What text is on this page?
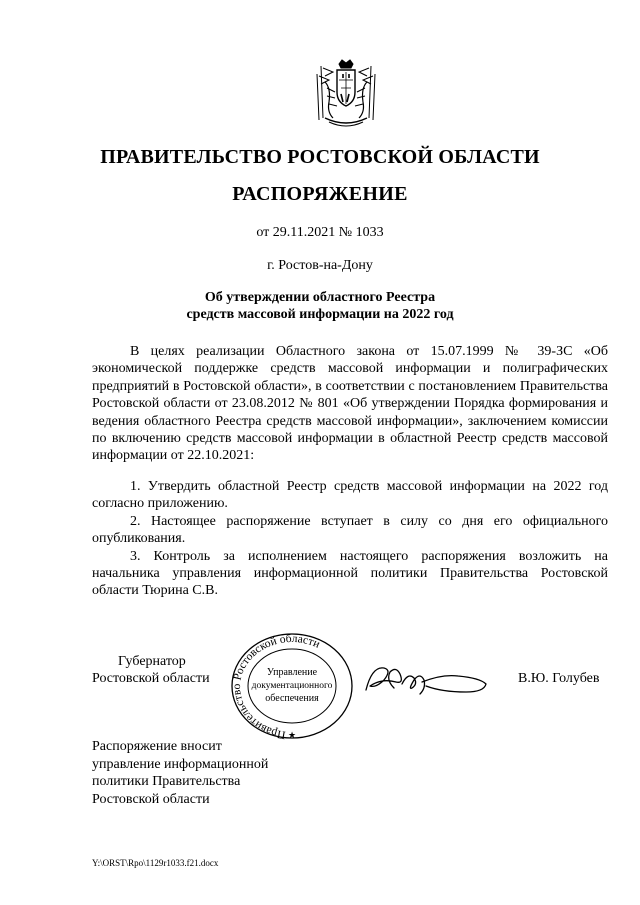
ПРАВИТЕЛЬСТВО РОСТОВСКОЙ ОБЛАСТИ
РАСПОРЯЖЕНИЕ
от 29.11.2021 № 1033
г. Ростов-на-Дону
Об утверждении областного Реестра
средств массовой информации на 2022 год
В целях реализации Областного закона от 15.07.1999 № 39-ЗС «Об экономической поддержке средств массовой информации и полиграфических предприятий в Ростовской области», в соответствии с постановлением Правительства Ростовской области от 23.08.2012 № 801 «Об утверждении Порядка формирования и ведения областного Реестра средств массовой информации», заключением комиссии по включению средств массовой информации в областной Реестр средств массовой информации от 22.10.2021:

1. Утвердить областной Реестр средств массовой информации на 2022 год согласно приложению.

2. Настоящее распоряжение вступает в силу со дня его официального опубликования.

3. Контроль за исполнением настоящего распоряжения возложить на начальника управления информационной политики Правительства Ростовской области Тюрина С.В.

Губернатор
Ростовской области
Правительство Ростовской области
Управление
документационного
обеспечения
★
В.Ю. Голубев
Распоряжение вносит
управление информационной
политики Правительства
Ростовской области
Y:\ORST\Rpo\1129r1033.f21.docx
